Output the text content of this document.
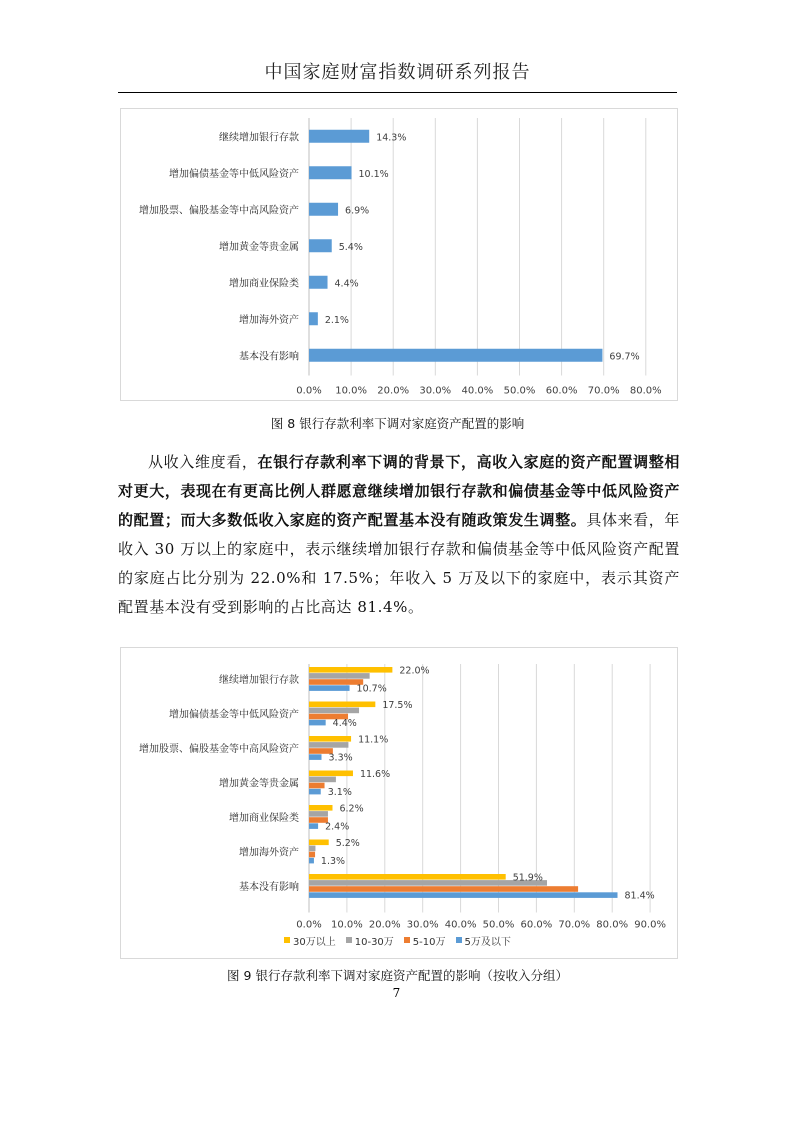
中国家庭财富指数调研系列报告
0.0% 10.0% 20.0% 30.0% 40.0% 50.0% 60.0% 70.0% 80.0%
继续增加银行存款	14.3%
增加偏债基金等中低风险资产	10.1%
增加股票、偏股基金等中高风险资产	6.9%
增加黄金等贵金属	5.4%
增加商业保险类	4.4%
增加海外资产	2.1%
基本没有影响	69.7%
图 8 银行存款利率下调对家庭资产配置的影响
从收入维度看，在银行存款利率下调的背景下，高收入家庭的资产配置调整相对更大，表现在有更高比例人群愿意继续增加银行存款和偏债基金等中低风险资产的配置；而大多数低收入家庭的资产配置基本没有随政策发生调整。具体来看，年收入 30 万以上的家庭中，表示继续增加银行存款和偏债基金等中低风险资产配置的家庭占比分别为 22.0%和 17.5%；年收入 5 万及以下的家庭中，表示其资产配置基本没有受到影响的占比高达 81.4%。
0.0% 10.0% 20.0% 30.0% 40.0% 50.0% 60.0% 70.0% 80.0% 90.0%
继续增加银行存款
增加偏债基金等中低风险资产
增加股票、偏股基金等中高风险资产
增加黄金等贵金属
增加商业保险类
增加海外资产
基本没有影响
22.0%
10.7%
17.5%
4.4%
11.1%
3.3%
11.6%
3.1%
6.2%
2.4%
5.2%
1.3%
51.9%
81.4%
30万以上 10-30万 5-10万 5万及以下
图 9 银行存款利率下调对家庭资产配置的影响（按收入分组）
7
